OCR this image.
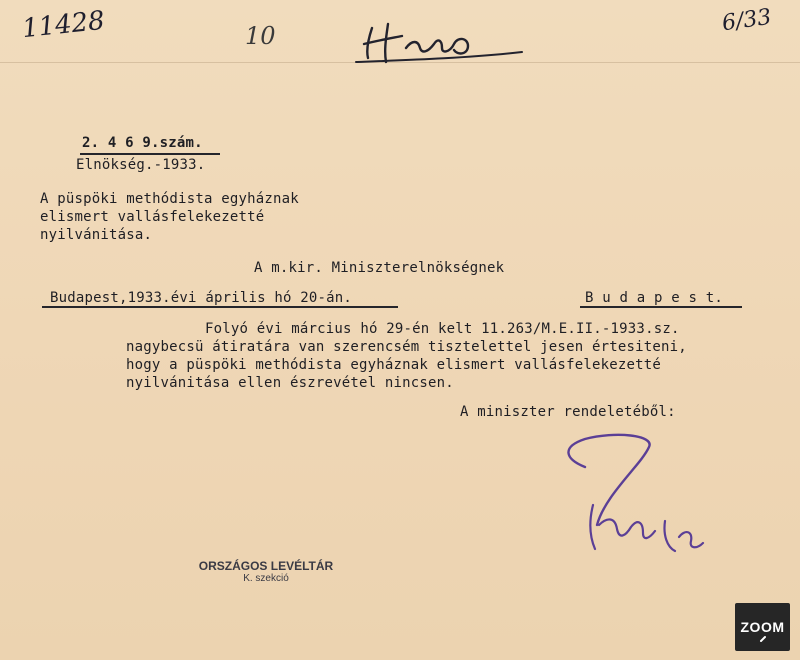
11428	10	6/33
2. 4 6 9.szám.
Elnökség.-1933.
A püspöki methódista egyháznak
elismert vallásfelekezetté
nyilvánitása.
A m.kir. Miniszterelnökségnek
Budapest,1933.évi április hó 20-án.	B u d a p e s t.
Folyó évi március hó 29-én kelt 11.263/M.E.II.-1933.sz.
nagybecsü átiratára van szerencsém tisztelettel jesen értesiteni,
hogy a püspöki methódista egyháznak elismert vallásfelekezetté
nyilvánitása ellen észrevétel nincsen.
A miniszter rendeletéből:
ORSZÁGOS LEVÉLTÁR
K. szekció
ZOOM
